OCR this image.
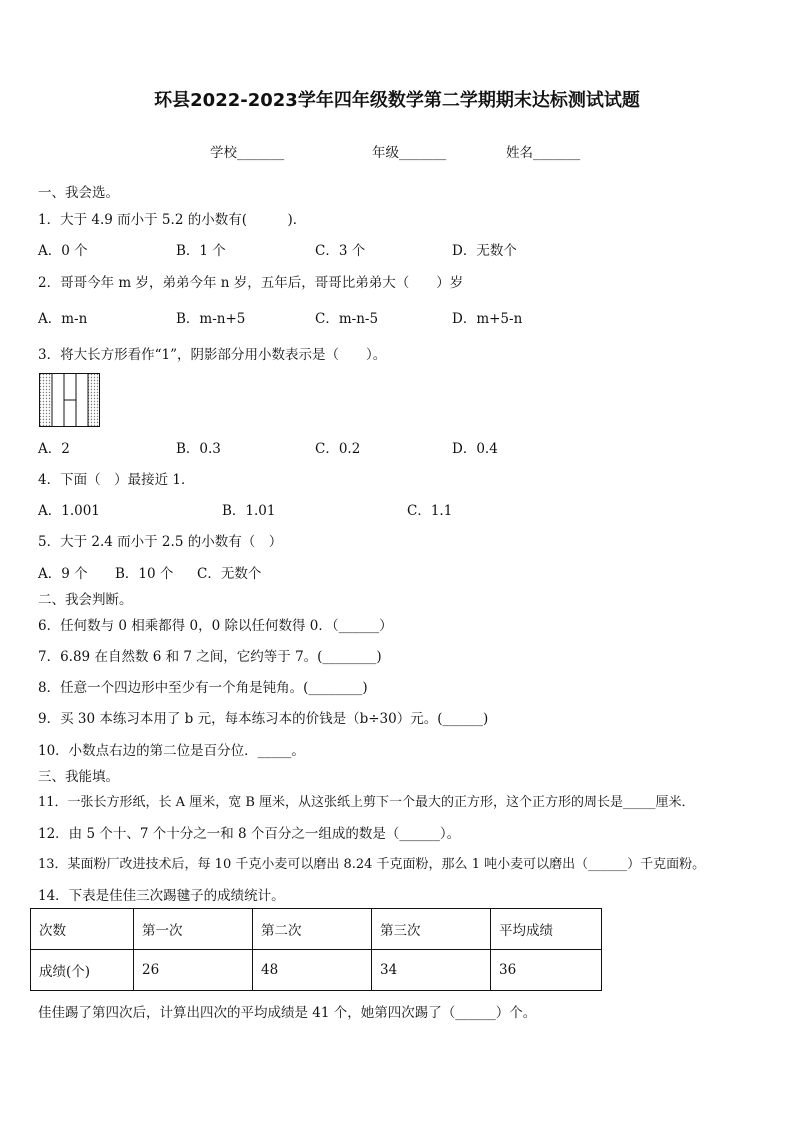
环县2022-2023学年四年级数学第二学期期末达标测试试题
学校_______	年级_______	姓名_______
一、我会选。
1．大于 4.9 而小于 5.2 的小数有(　　　)．
A．0 个	B．1 个	C．3 个	D．无数个
2．哥哥今年 m 岁，弟弟今年 n 岁，五年后，哥哥比弟弟大（　　）岁
A．m-n	B．m-n+5	C．m-n-5	D．m+5-n
3．将大长方形看作“1”，阴影部分用小数表示是（　　）。
A．2	B．0.3	C．0.2	D．0.4
4．下面（　）最接近 1．
A．1.001	B．1.01	C．1.1
5．大于 2.4 而小于 2.5 的小数有（　）
A．9 个 B．10 个 C．无数个
二、我会判断。
6．任何数与 0 相乘都得 0，0 除以任何数得 0．（______）
7．6.89 在自然数 6 和 7 之间，它约等于 7。(________)
8．任意一个四边形中至少有一个角是钝角。(________)
9．买 30 本练习本用了 b 元，每本练习本的价钱是（b÷30）元。(______)
10．小数点右边的第二位是百分位．_____。
三、我能填。
11．一张长方形纸，长 A 厘米，宽 B 厘米，从这张纸上剪下一个最大的正方形，这个正方形的周长是_____厘米．
12．由 5 个十、7 个十分之一和 8 个百分之一组成的数是（______）。
13．某面粉厂改进技术后，每 10 千克小麦可以磨出 8.24 千克面粉，那么 1 吨小麦可以磨出（______）千克面粉。
14．下表是佳佳三次踢毽子的成绩统计。
次数	第一次	第二次	第三次	平均成绩
成绩(个)	26	48	34	36
佳佳踢了第四次后，计算出四次的平均成绩是 41 个，她第四次踢了（______）个。
